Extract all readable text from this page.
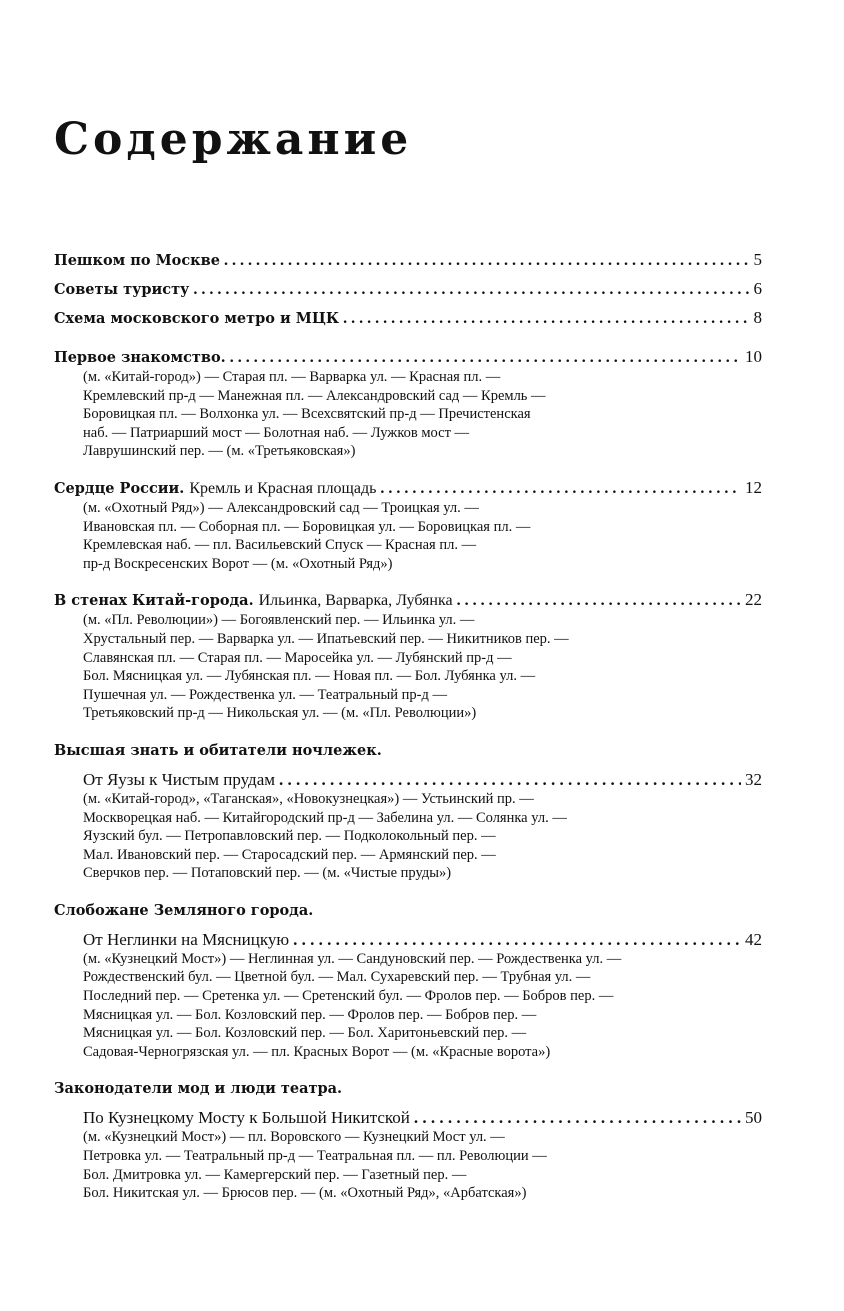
Содержание
Пешком по Москве . . .	5
Советы туристу . . .	6
Схема московского метро и МЦК . . .	8
Первое знакомство. . . .	10
(м. «Китай-город») — Старая пл. — Варварка ул. — Красная пл. —
Кремлевский пр-д — Манежная пл. — Александровский сад — Кремль —
Боровицкая пл. — Волхонка ул. — Всехсвятский пр-д — Пречистенская
наб. — Патриарший мост — Болотная наб. — Лужков мост —
Лаврушинский пер. — (м. «Третьяковская»)
Сердце России. Кремль и Красная площадь . . .	12
(м. «Охотный Ряд») — Александровский сад — Троицкая ул. —
Ивановская пл. — Соборная пл. — Боровицкая ул. — Боровицкая пл. —
Кремлевская наб. — пл. Васильевский Спуск — Красная пл. —
пр-д Воскресенских Ворот — (м. «Охотный Ряд»)
В стенах Китай-города. Ильинка, Варварка, Лубянка . . .	22
(м. «Пл. Революции») — Богоявленский пер. — Ильинка ул. —
Хрустальный пер. — Варварка ул. — Ипатьевский пер. — Никитников пер. —
Славянская пл. — Старая пл. — Маросейка ул. — Лубянский пр-д —
Бол. Мясницкая ул. — Лубянская пл. — Новая пл. — Бол. Лубянка ул. —
Пушечная ул. — Рождественка ул. — Театральный пр-д —
Третьяковский пр-д — Никольская ул. — (м. «Пл. Революции»)
Высшая знать и обитатели ночлежек.
От Яузы к Чистым прудам . . .	32
(м. «Китай-город», «Таганская», «Новокузнецкая») — Устьинский пр. —
Москворецкая наб. — Китайгородский пр-д — Забелина ул. — Солянка ул. —
Яузский бул. — Петропавловский пер. — Подколокольный пер. —
Мал. Ивановский пер. — Старосадский пер. — Армянский пер. —
Сверчков пер. — Потаповский пер. — (м. «Чистые пруды»)
Слобожане Земляного города.
От Неглинки на Мясницкую . . .	42
(м. «Кузнецкий Мост») — Неглинная ул. — Сандуновский пер. — Рождественка ул. —
Рождественский бул. — Цветной бул. — Мал. Сухаревский пер. — Трубная ул. —
Последний пер. — Сретенка ул. — Сретенский бул. — Фролов пер. — Бобров пер. —
Мясницкая ул. — Бол. Козловский пер. — Фролов пер. — Бобров пер. —
Мясницкая ул. — Бол. Козловский пер. — Бол. Харитоньевский пер. —
Садовая-Черногрязская ул. — пл. Красных Ворот — (м. «Красные ворота»)
Законодатели мод и люди театра.
По Кузнецкому Мосту к Большой Никитской . . .	50
(м. «Кузнецкий Мост») — пл. Воровского — Кузнецкий Мост ул. —
Петровка ул. — Театральный пр-д — Театральная пл. — пл. Революции —
Бол. Дмитровка ул. — Камергерский пер. — Газетный пер. —
Бол. Никитская ул. — Брюсов пер. — (м. «Охотный Ряд», «Арбатская»)
